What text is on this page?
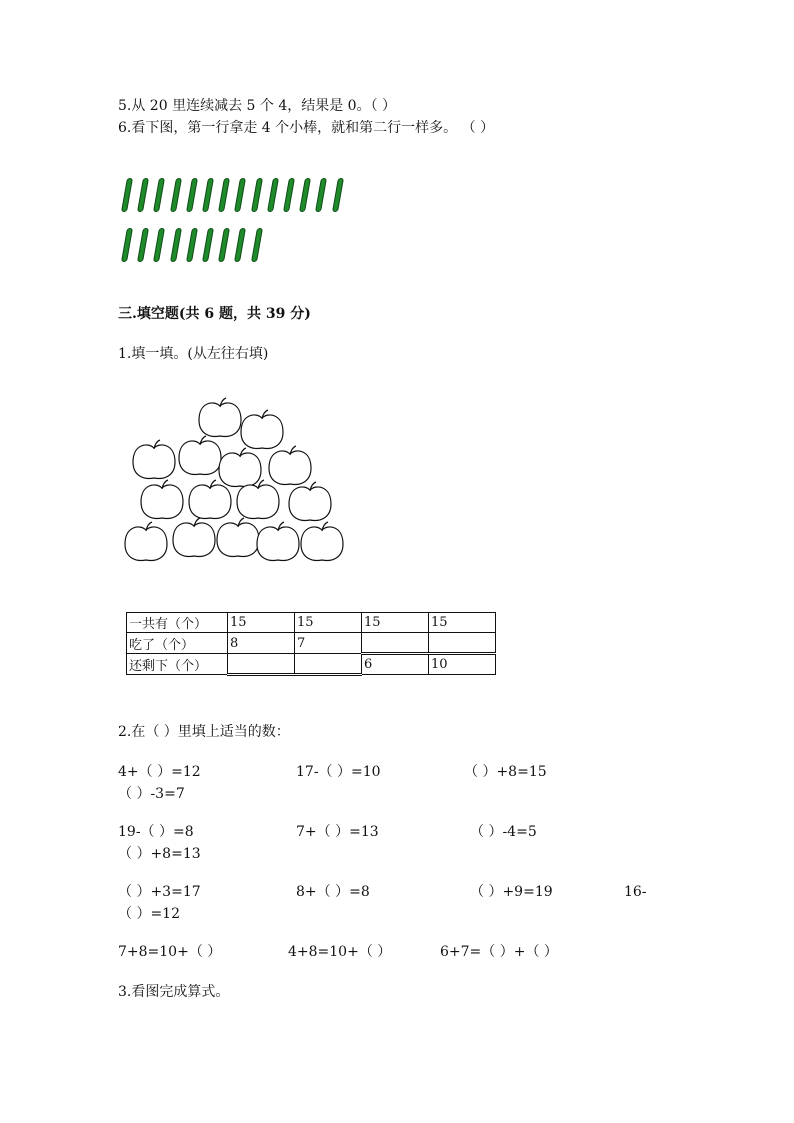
5.从 20 里连续减去 5 个 4，结果是 0。（ ）
6.看下图，第一行拿走 4 个小棒，就和第二行一样多。 （ ）
三.填空题(共 6 题，共 39 分)
1.填一填。(从左往右填)
一共有（个）	15	15	15	15
吃了（个）	8	7		
还剩下（个）			6	10
2.在（ ）里填上适当的数：
4+（ ）=12	17-（ ）=10	（ ）+8=15
（ ）-3=7
19-（ ）=8	7+（ ）=13	（ ）-4=5
（ ）+8=13
（ ）+3=17	8+（ ）=8	（ ）+9=19	16-
（ ）=12
7+8=10+（ ）	4+8=10+（ ）	6+7=（ ）+（ ）
3.看图完成算式。
